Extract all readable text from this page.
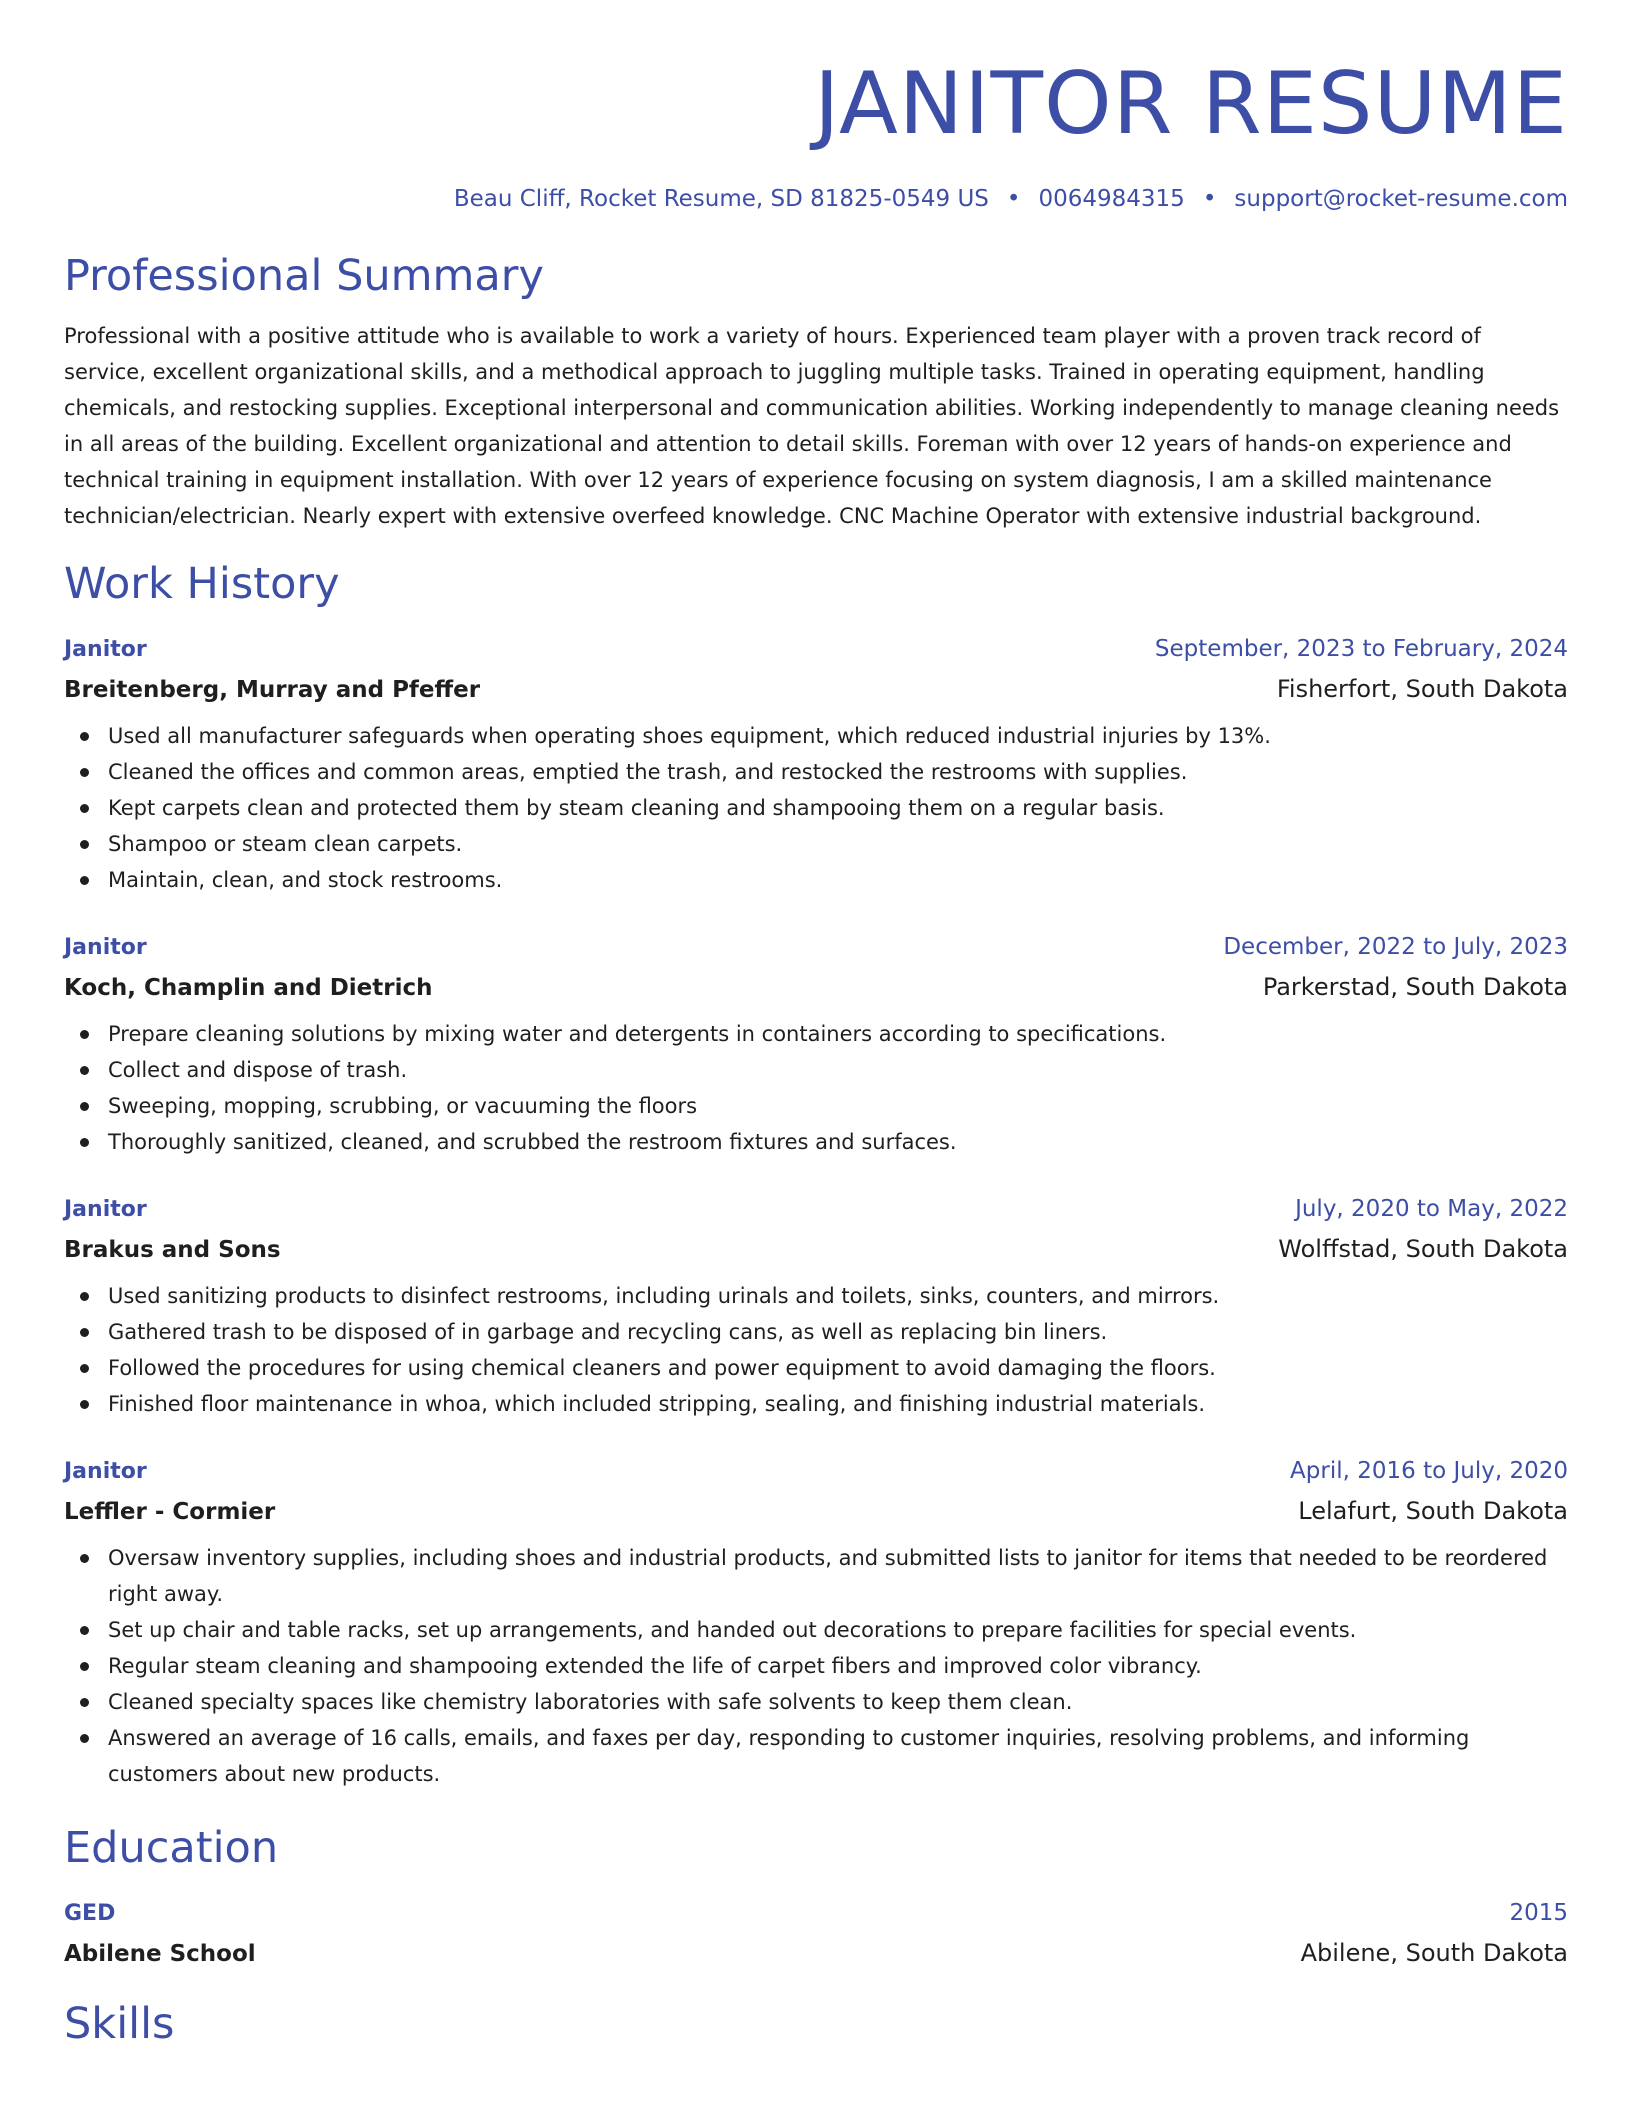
JANITOR RESUME
Beau Cliff, Rocket Resume, SD 81825-0549 US • 0064984315 • support@rocket-resume.com
Professional Summary

Professional with a positive attitude who is available to work a variety of hours. Experienced team player with a proven track record of service, excellent organizational skills, and a methodical approach to juggling multiple tasks. Trained in operating equipment, handling chemicals, and restocking supplies. Exceptional interpersonal and communication abilities. Working independently to manage cleaning needs in all areas of the building. Excellent organizational and attention to detail skills. Foreman with over 12 years of hands-on experience and technical training in equipment installation. With over 12 years of experience focusing on system diagnosis, I am a skilled maintenance technician/electrician. Nearly expert with extensive overfeed knowledge. CNC Machine Operator with extensive industrial background.

Work History
Janitor	September, 2023 to February, 2024
Breitenberg, Murray and Pfeffer	Fisherfort, South Dakota
Used all manufacturer safeguards when operating shoes equipment, which reduced industrial injuries by 13%.
Cleaned the offices and common areas, emptied the trash, and restocked the restrooms with supplies.
Kept carpets clean and protected them by steam cleaning and shampooing them on a regular basis.
Shampoo or steam clean carpets.
Maintain, clean, and stock restrooms.
Janitor	December, 2022 to July, 2023
Koch, Champlin and Dietrich	Parkerstad, South Dakota
Prepare cleaning solutions by mixing water and detergents in containers according to specifications.
Collect and dispose of trash.
Sweeping, mopping, scrubbing, or vacuuming the floors
Thoroughly sanitized, cleaned, and scrubbed the restroom fixtures and surfaces.
Janitor	July, 2020 to May, 2022
Brakus and Sons	Wolffstad, South Dakota
Used sanitizing products to disinfect restrooms, including urinals and toilets, sinks, counters, and mirrors.
Gathered trash to be disposed of in garbage and recycling cans, as well as replacing bin liners.
Followed the procedures for using chemical cleaners and power equipment to avoid damaging the floors.
Finished floor maintenance in whoa, which included stripping, sealing, and finishing industrial materials.
Janitor	April, 2016 to July, 2020
Leffler - Cormier	Lelafurt, South Dakota
Oversaw inventory supplies, including shoes and industrial products, and submitted lists to janitor for items that needed to be reordered right away.
Set up chair and table racks, set up arrangements, and handed out decorations to prepare facilities for special events.
Regular steam cleaning and shampooing extended the life of carpet fibers and improved color vibrancy.
Cleaned specialty spaces like chemistry laboratories with safe solvents to keep them clean.
Answered an average of 16 calls, emails, and faxes per day, responding to customer inquiries, resolving problems, and informing customers about new products.
Education
GED	2015
Abilene School	Abilene, South Dakota
Skills
